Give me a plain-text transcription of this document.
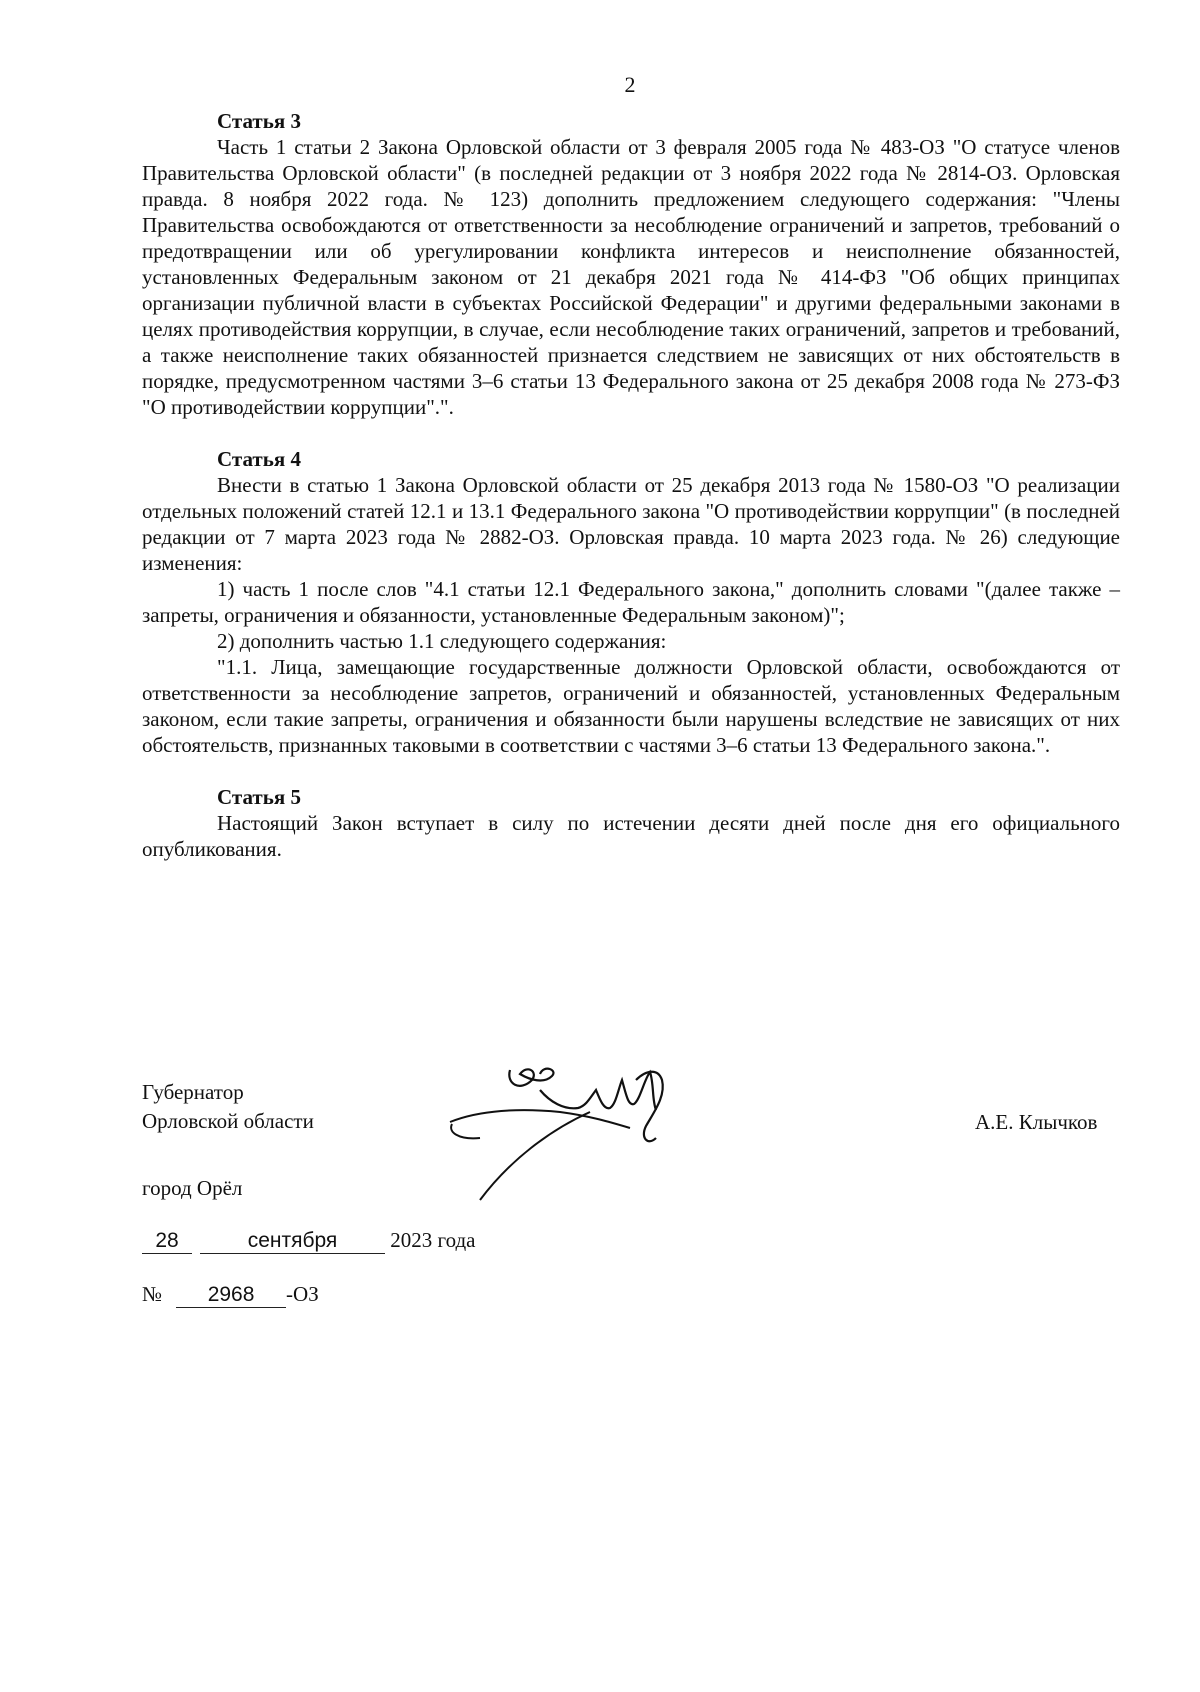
2

Статья 3

Часть 1 статьи 2 Закона Орловской области от 3 февраля 2005 года № 483-ОЗ "О статусе членов Правительства Орловской области" (в последней редакции от 3 ноября 2022 года № 2814-ОЗ. Орловская правда. 8 ноября 2022 года. № 123) дополнить предложением следующего содержания: "Члены Правительства освобождаются от ответственности за несоблюдение ограничений и запретов, требований о предотвращении или об урегулировании конфликта интересов и неисполнение обязанностей, установленных Федеральным законом от 21 декабря 2021 года № 414-ФЗ "Об общих принципах организации публичной власти в субъектах Российской Федерации" и другими федеральными законами в целях противодействия коррупции, в случае, если несоблюдение таких ограничений, запретов и требований, а также неисполнение таких обязанностей признается следствием не зависящих от них обстоятельств в порядке, предусмотренном частями 3–6 статьи 13 Федерального закона от 25 декабря 2008 года № 273-ФЗ "О противодействии коррупции".".

Статья 4

Внести в статью 1 Закона Орловской области от 25 декабря 2013 года № 1580-ОЗ "О реализации отдельных положений статей 12.1 и 13.1 Федерального закона "О противодействии коррупции" (в последней редакции от 7 марта 2023 года № 2882-ОЗ. Орловская правда. 10 марта 2023 года. № 26) следующие изменения:

1) часть 1 после слов "4.1 статьи 12.1 Федерального закона," дополнить словами "(далее также – запреты, ограничения и обязанности, установленные Федеральным законом)";

2) дополнить частью 1.1 следующего содержания:

"1.1. Лица, замещающие государственные должности Орловской области, освобождаются от ответственности за несоблюдение запретов, ограничений и обязанностей, установленных Федеральным законом, если такие запреты, ограничения и обязанности были нарушены вследствие не зависящих от них обстоятельств, признанных таковыми в соответствии с частями 3–6 статьи 13 Федерального закона.".

Статья 5

Настоящий Закон вступает в силу по истечении десяти дней после дня его официального опубликования.

Губернатор
Орловской области	А.Е. Клычков
город Орёл
28	сентября	2023 года
№ 2968 -ОЗ
